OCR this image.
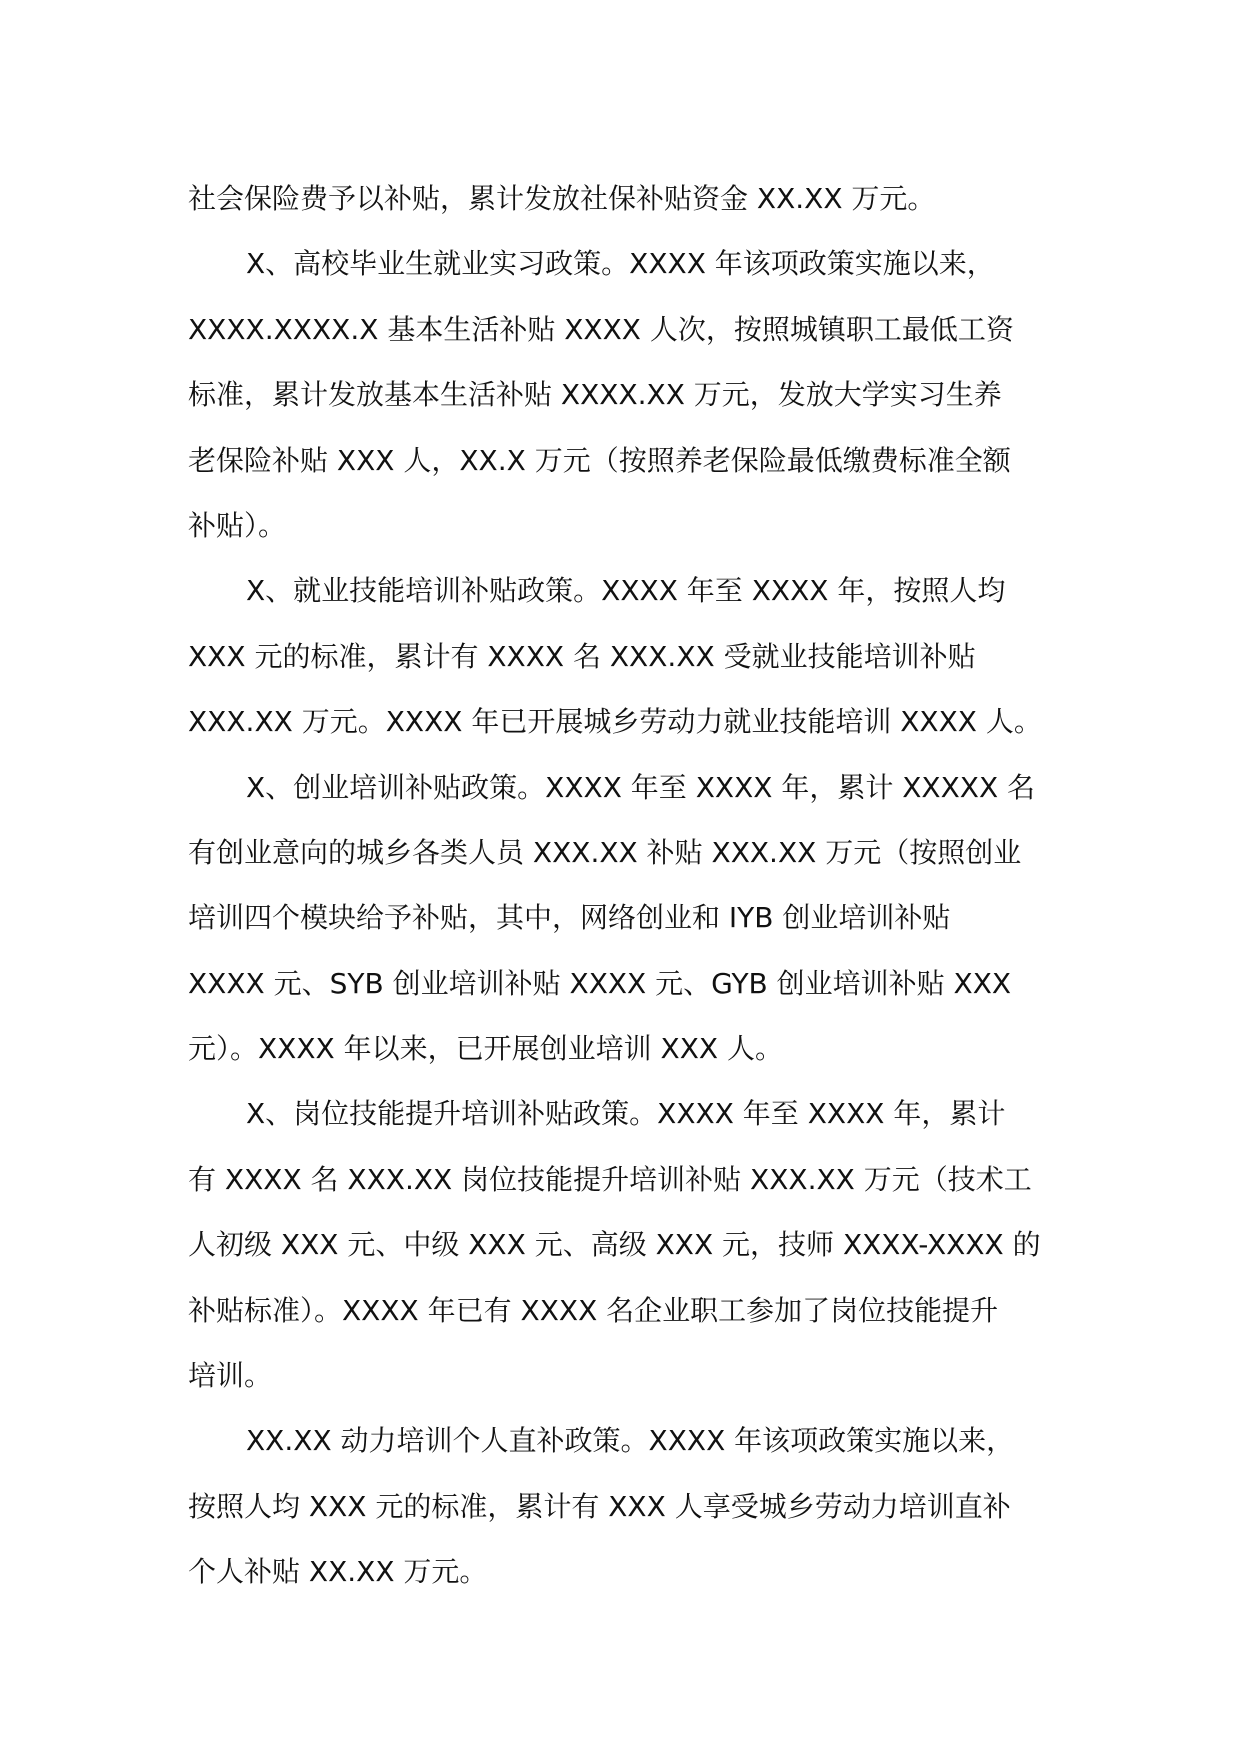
社会保险费予以补贴，累计发放社保补贴资金 XX.XX 万元。
X、高校毕业生就业实习政策。XXXX 年该项政策实施以来，
XXXX.XXXX.X 基本生活补贴 XXXX 人次，按照城镇职工最低工资
标准，累计发放基本生活补贴 XXXX.XX 万元，发放大学实习生养
老保险补贴 XXX 人，XX.X 万元（按照养老保险最低缴费标准全额
补贴）。
X、就业技能培训补贴政策。XXXX 年至 XXXX 年，按照人均
XXX 元的标准，累计有 XXXX 名 XXX.XX 受就业技能培训补贴
XXX.XX 万元。XXXX 年已开展城乡劳动力就业技能培训 XXXX 人。
X、创业培训补贴政策。XXXX 年至 XXXX 年，累计 XXXXX 名
有创业意向的城乡各类人员 XXX.XX 补贴 XXX.XX 万元（按照创业
培训四个模块给予补贴，其中，网络创业和 IYB 创业培训补贴
XXXX 元、SYB 创业培训补贴 XXXX 元、GYB 创业培训补贴 XXX
元）。XXXX 年以来，已开展创业培训 XXX 人。
X、岗位技能提升培训补贴政策。XXXX 年至 XXXX 年，累计
有 XXXX 名 XXX.XX 岗位技能提升培训补贴 XXX.XX 万元（技术工
人初级 XXX 元、中级 XXX 元、高级 XXX 元，技师 XXXX-XXXX 的
补贴标准）。XXXX 年已有 XXXX 名企业职工参加了岗位技能提升
培训。
XX.XX 动力培训个人直补政策。XXXX 年该项政策实施以来，
按照人均 XXX 元的标准，累计有 XXX 人享受城乡劳动力培训直补
个人补贴 XX.XX 万元。
